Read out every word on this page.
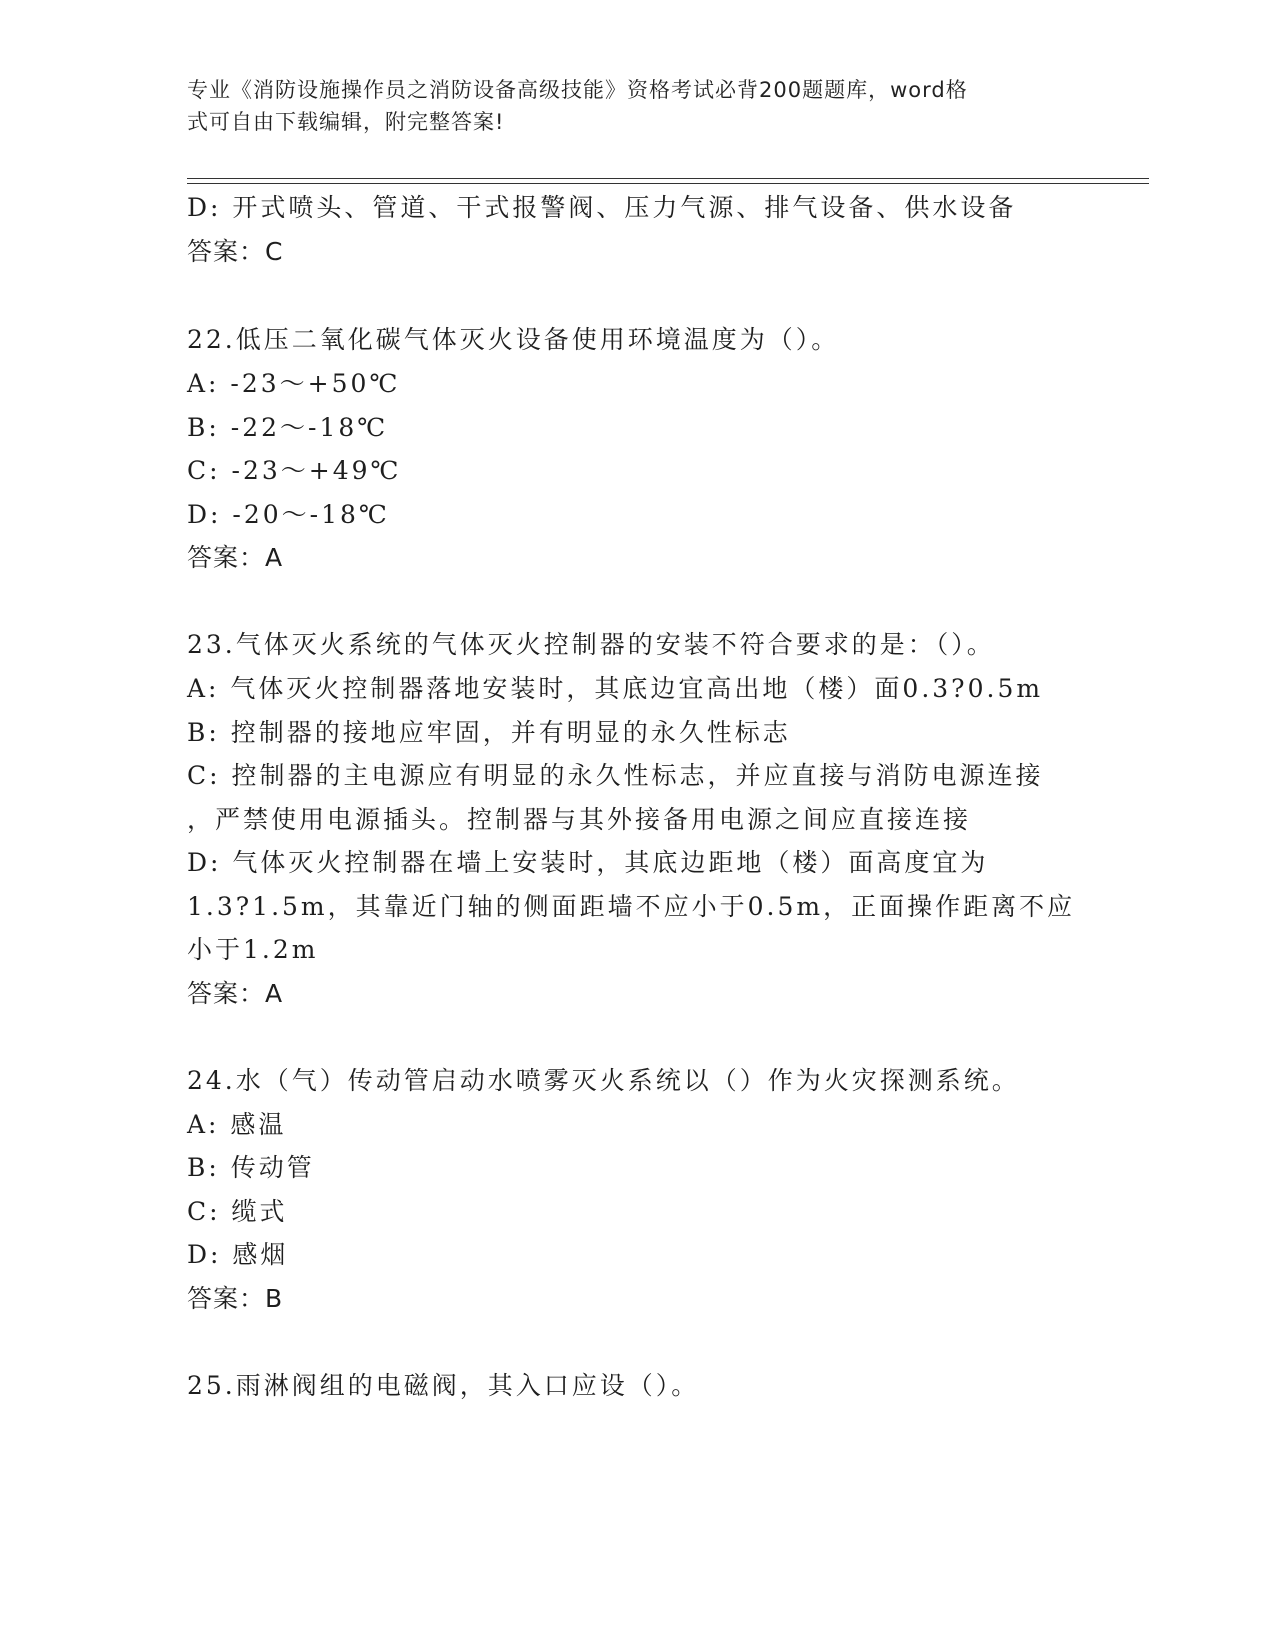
专业《消防设施操作员之消防设备高级技能》资格考试必背200题题库，word格
式可自由下载编辑，附完整答案!
D: 开式喷头、管道、干式报警阀、压力气源、排气设备、供水设备
答案：C
22.低压二氧化碳气体灭火设备使用环境温度为（）。
A: -23～+50℃
B: -22～-18℃
C: -23～+49℃
D: -20～-18℃
答案：A
23.气体灭火系统的气体灭火控制器的安装不符合要求的是：（）。
A: 气体灭火控制器落地安装时，其底边宜高出地（楼）面0.3?0.5m
B: 控制器的接地应牢固，并有明显的永久性标志
C: 控制器的主电源应有明显的永久性标志，并应直接与消防电源连接
，严禁使用电源插头。控制器与其外接备用电源之间应直接连接
D: 气体灭火控制器在墙上安装时，其底边距地（楼）面高度宜为
1.3?1.5m，其靠近门轴的侧面距墙不应小于0.5m，正面操作距离不应
小于1.2m
答案：A
24.水（气）传动管启动水喷雾灭火系统以（）作为火灾探测系统。
A: 感温
B: 传动管
C: 缆式
D: 感烟
答案：B
25.雨淋阀组的电磁阀，其入口应设（）。
